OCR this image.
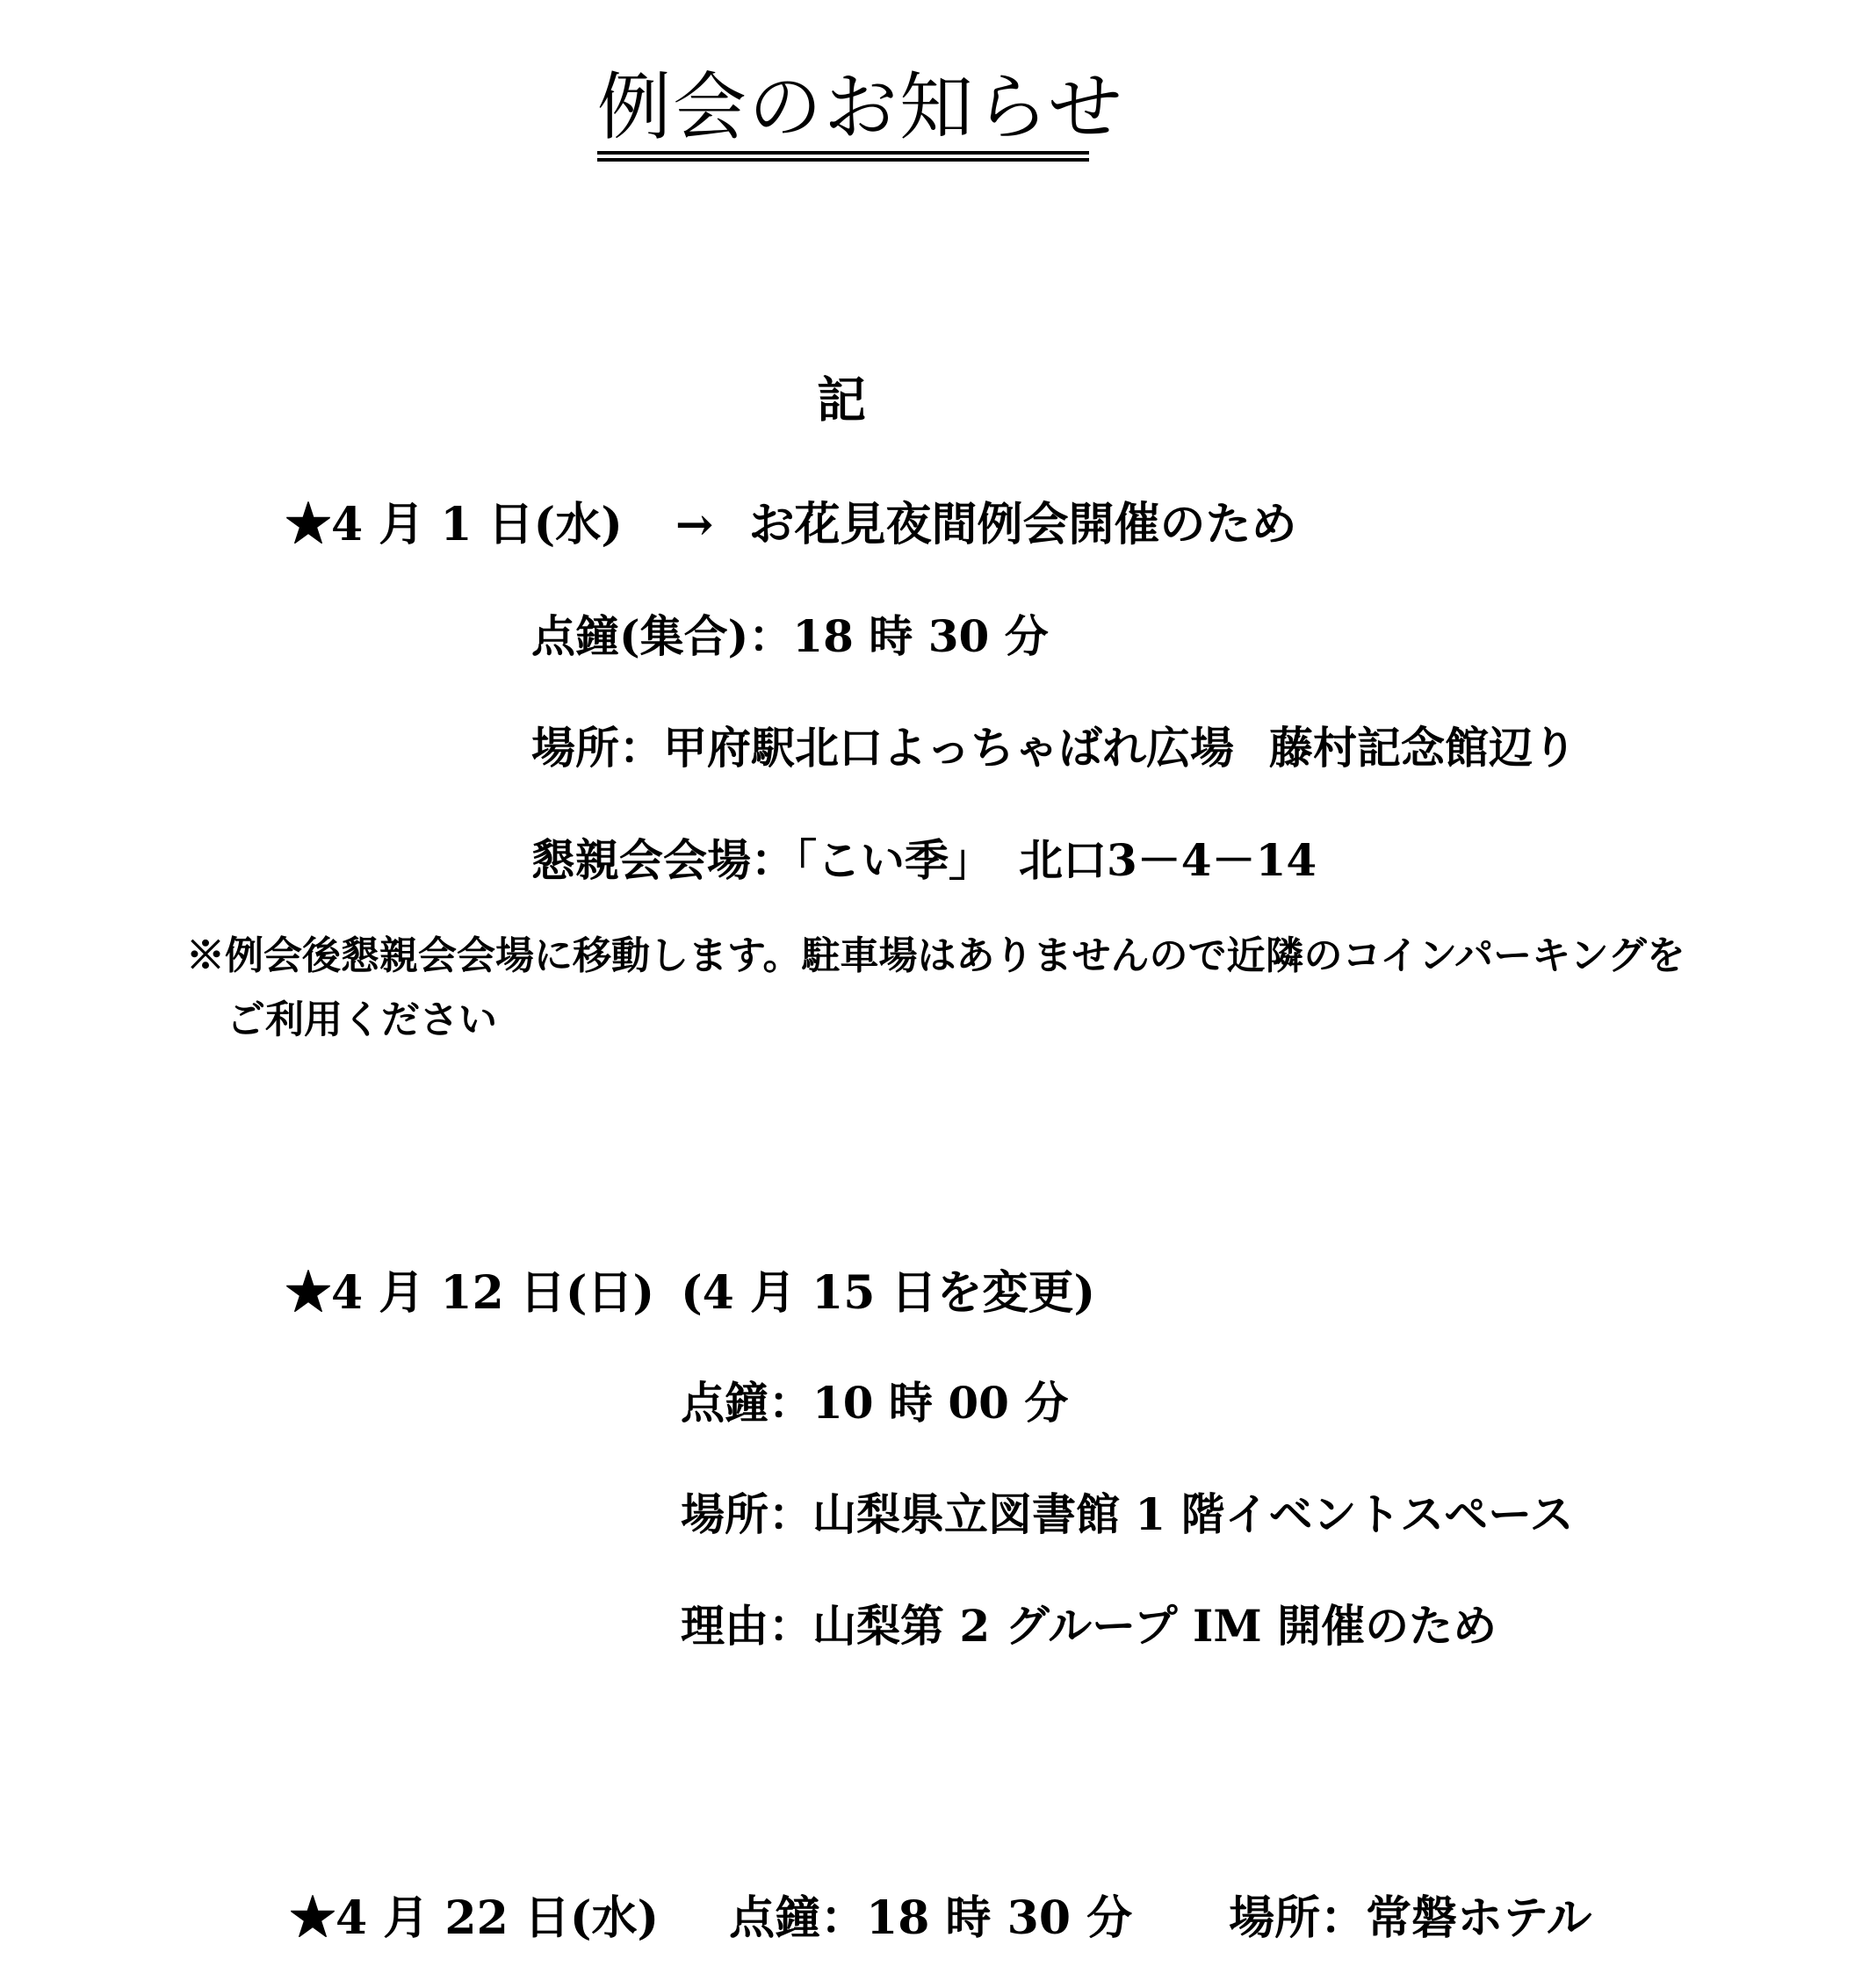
例会のお知らせ
記
★4 月 1 日(水) → お花見夜間例会開催のため
点鐘(集合)：18 時 30 分
場所：甲府駅北口よっちゃばれ広場 藤村記念館辺り
懇親会会場：「こい季」 北口3－4－14
※例会後懇親会会場に移動します。駐車場はありませんので近隣のコインパーキングを
ご利用ください
★4 月 12 日(日) (4 月 15 日を変更)
点鐘：10 時 00 分
場所：山梨県立図書館 1 階イベントスペース
理由：山梨第 2 グループ IM 開催のため
★4 月 22 日(水) 点鐘：18 時 30 分 場所：常磐ホテル
